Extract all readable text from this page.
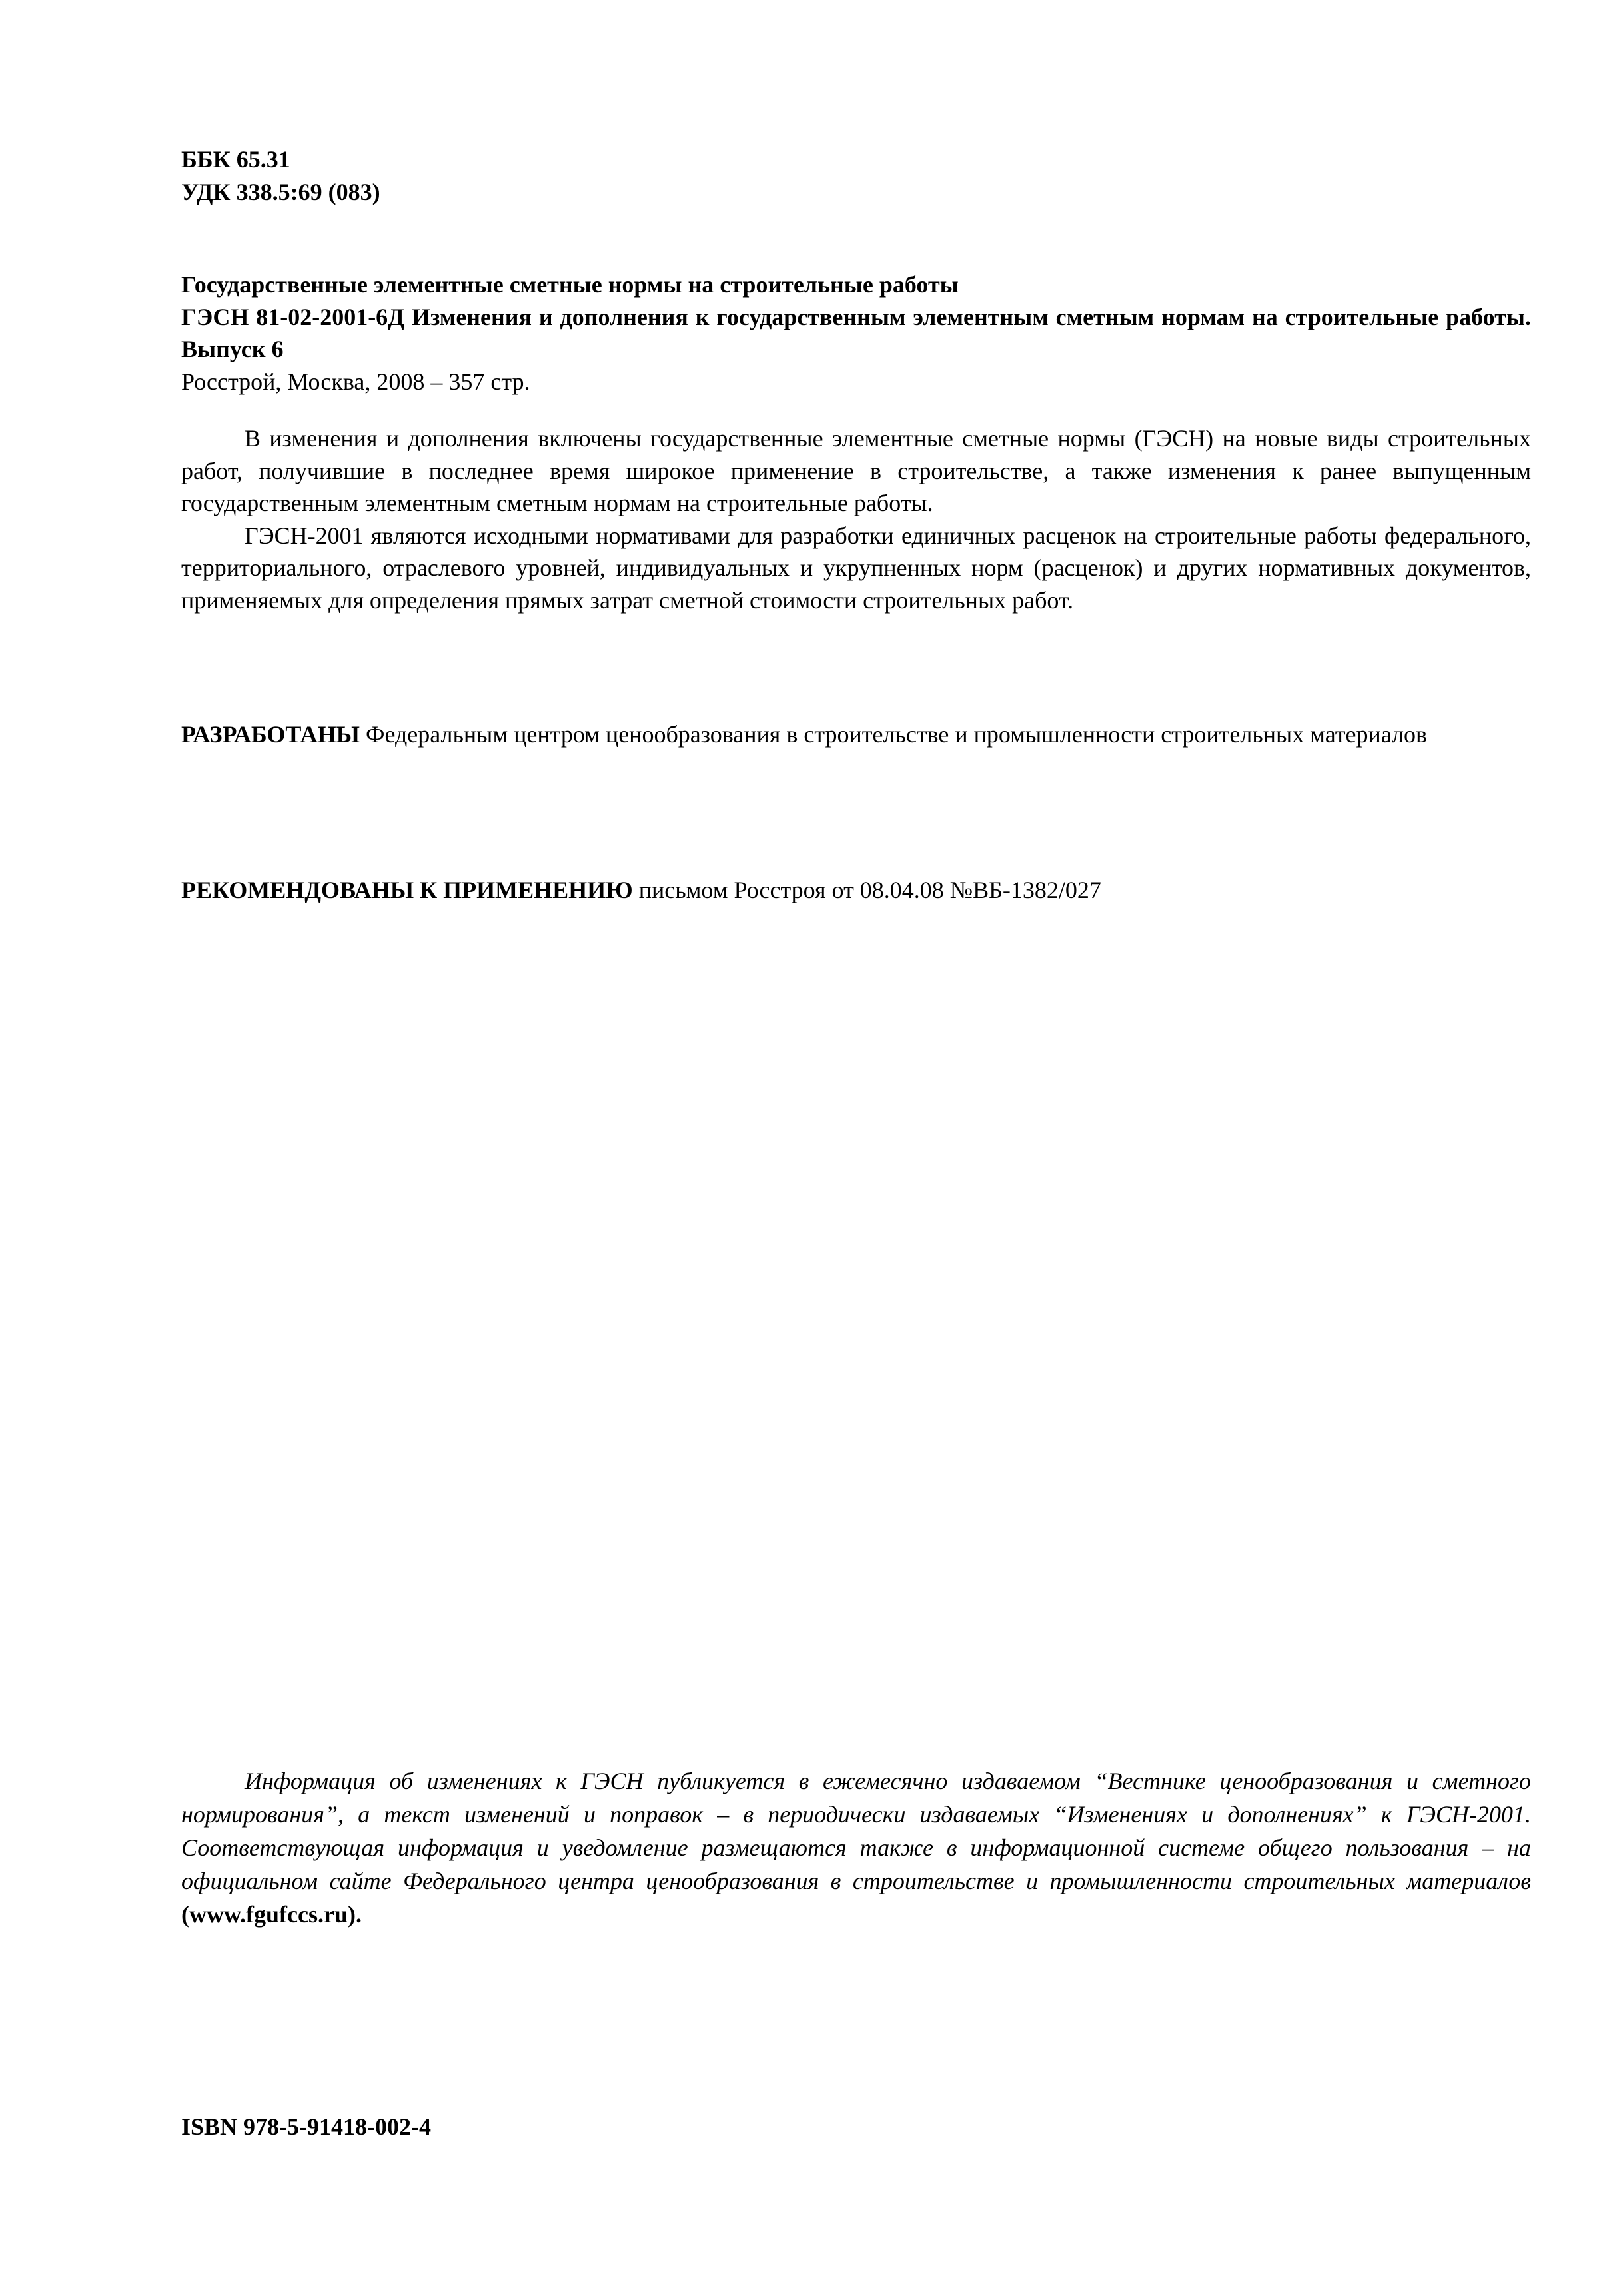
ББК 65.31

УДК 338.5:69 (083)

Государственные элементные сметные нормы на строительные работы

ГЭСН 81-02-2001-6Д Изменения и дополнения к государственным элементным сметным нормам на строительные работы. Выпуск 6

Росстрой, Москва, 2008 – 357 стр.

В изменения и дополнения включены государственные элементные сметные нормы (ГЭСН) на новые виды строительных работ, получившие в последнее время широкое применение в строительстве, а также изменения к ранее выпущенным государственным элементным сметным нормам на строительные работы.

ГЭСН-2001 являются исходными нормативами для разработки единичных расценок на строительные работы федерального, территориального, отраслевого уровней, индивидуальных и укрупненных норм (расценок) и других нормативных документов, применяемых для определения прямых затрат сметной стоимости строительных работ.

РАЗРАБОТАНЫ Федеральным центром ценообразования в строительстве и промышленности строительных материалов

РЕКОМЕНДОВАНЫ К ПРИМЕНЕНИЮ письмом Росстроя от 08.04.08 №ВБ-1382/027

Информация об изменениях к ГЭСН публикуется в ежемесячно издаваемом “Вестнике ценообразования и сметного нормирования”, а текст изменений и поправок – в периодически издаваемых “Изменениях и дополнениях” к ГЭСН-2001. Соответствующая информация и уведомление размещаются также в информационной системе общего пользования – на официальном сайте Федерального центра ценообразования в строительстве и промышленности строительных материалов (www.fgufccs.ru).

ISBN 978-5-91418-002-4
